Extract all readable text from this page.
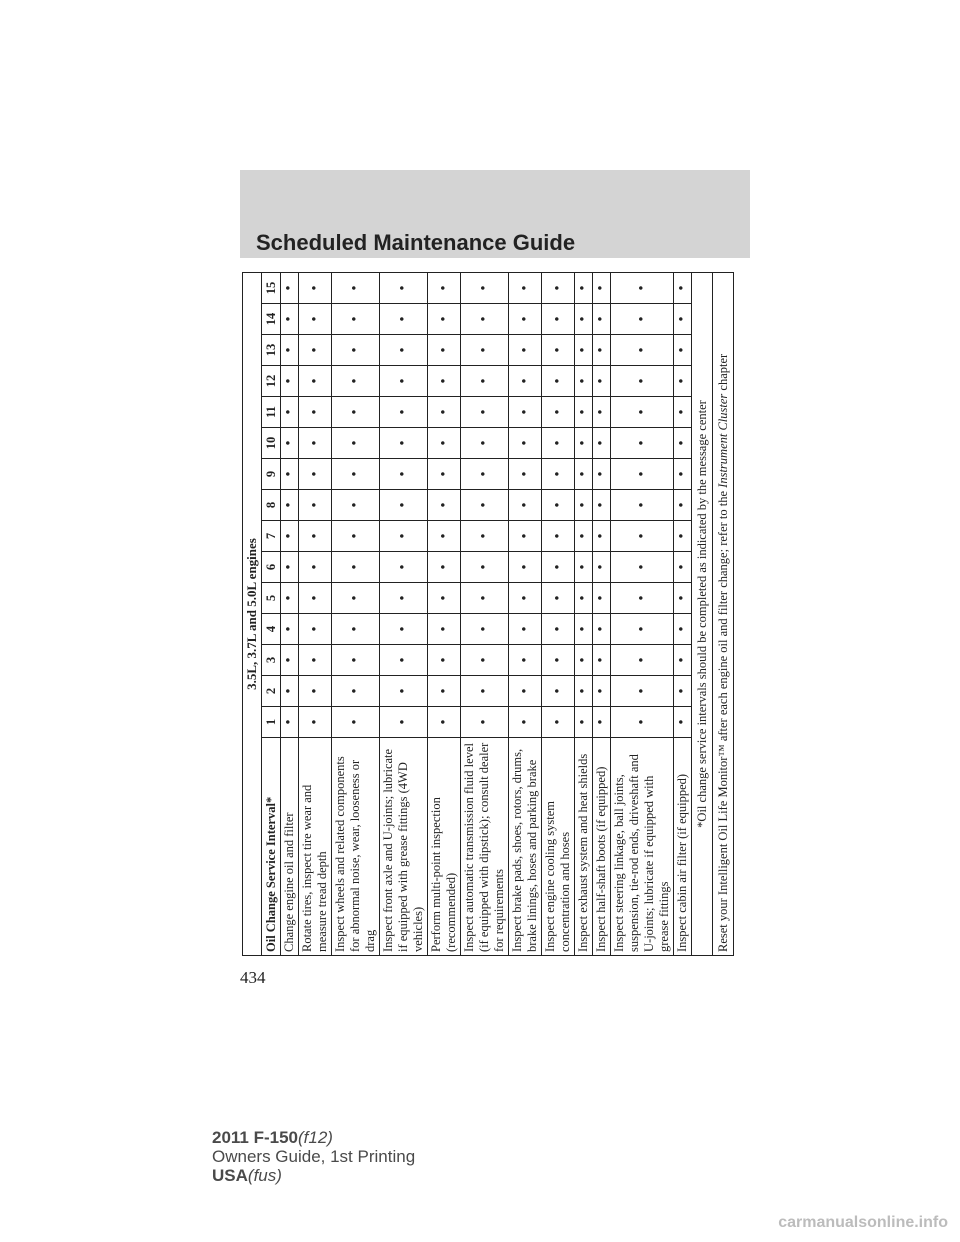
Scheduled Maintenance Guide
3.5L, 3.7L and 5.0L engines															
Oil Change Service Interval*	1	2	3	4	5	6	7	8	9	10	11	12	13	14	15
Change engine oil and filter	•	•	•	•	•	•	•	•	•	•	•	•	•	•	•
Rotate tires, inspect tire wear and measure tread depth	•	•	•	•	•	•	•	•	•	•	•	•	•	•	•
Inspect wheels and related components for abnormal noise, wear, looseness or drag	•	•	•	•	•	•	•	•	•	•	•	•	•	•	•
Inspect front axle and U-joints; lubricate if equipped with grease fittings (4WD vehicles)	•	•	•	•	•	•	•	•	•	•	•	•	•	•	•
Perform multi-point inspection (recommended)	•	•	•	•	•	•	•	•	•	•	•	•	•	•	•
Inspect automatic transmission fluid level (if equipped with dipstick); consult dealer for requirements	•	•	•	•	•	•	•	•	•	•	•	•	•	•	•
Inspect brake pads, shoes, rotors, drums, brake linings, hoses and parking brake	•	•	•	•	•	•	•	•	•	•	•	•	•	•	•
Inspect engine cooling system concentration and hoses	•	•	•	•	•	•	•	•	•	•	•	•	•	•	•
Inspect exhaust system and heat shields	•	•	•	•	•	•	•	•	•	•	•	•	•	•	•
Inspect half-shaft boots (if equipped)	•	•	•	•	•	•	•	•	•	•	•	•	•	•	•
Inspect steering linkage, ball joints, suspension, tie-rod ends, driveshaft and U-joints; lubricate if equipped with grease fittings	•	•	•	•	•	•	•	•	•	•	•	•	•	•	•
Inspect cabin air filter (if equipped)	•	•	•	•	•	•	•	•	•	•	•	•	•	•	•
*Oil change service intervals should be completed as indicated by the message center															
Reset your Intelligent Oil Life Monitor™ after each engine oil and filter change; refer to the Instrument Cluster chapter															
434
2011 F-150(f12)
Owners Guide, 1st Printing
USA(fus)
carmanualsonline.info
